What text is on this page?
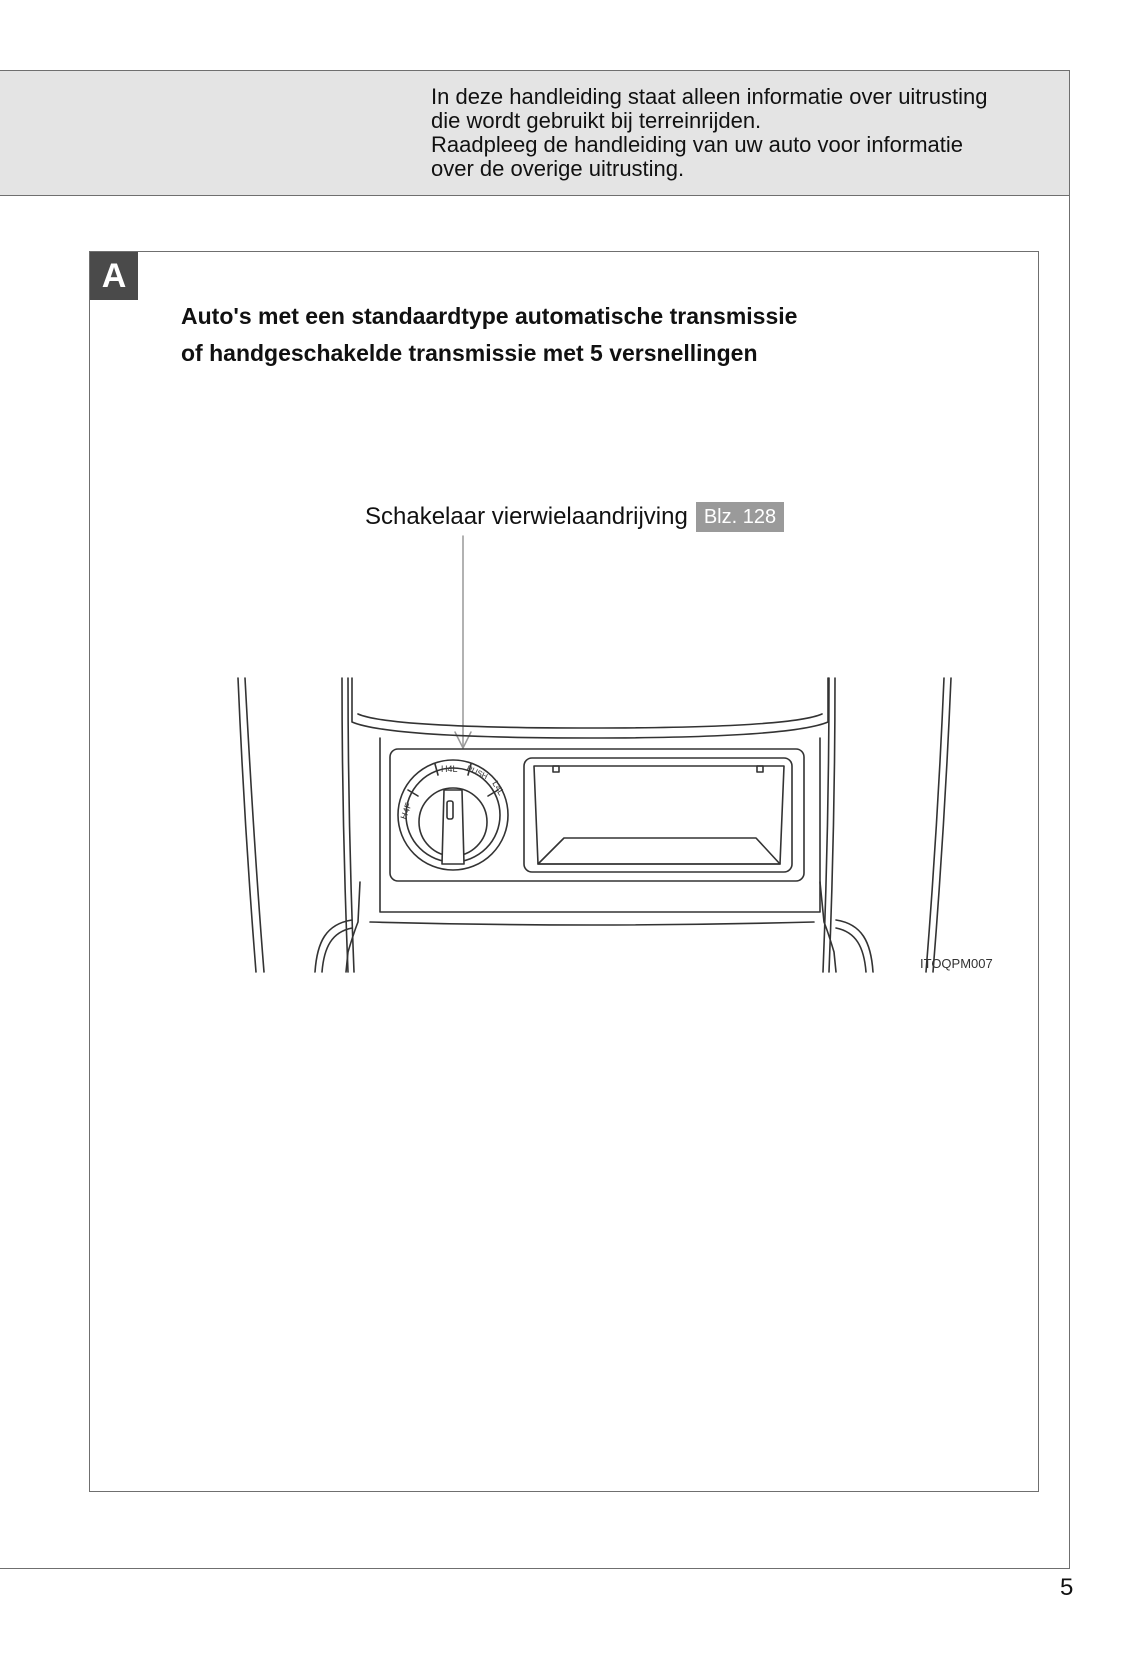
In deze handleiding staat alleen informatie over uitrusting

die wordt gebruikt bij terreinrijden.

Raadpleeg de handleiding van uw auto voor informatie

over de overige uitrusting.

5
A
Auto's met een standaardtype automatische transmissie
of handgeschakelde transmissie met 5 versnellingen
Schakelaar vierwielaandrijving Blz. 128
H4F
H4L PUSH
L4L
ITOQPM007
